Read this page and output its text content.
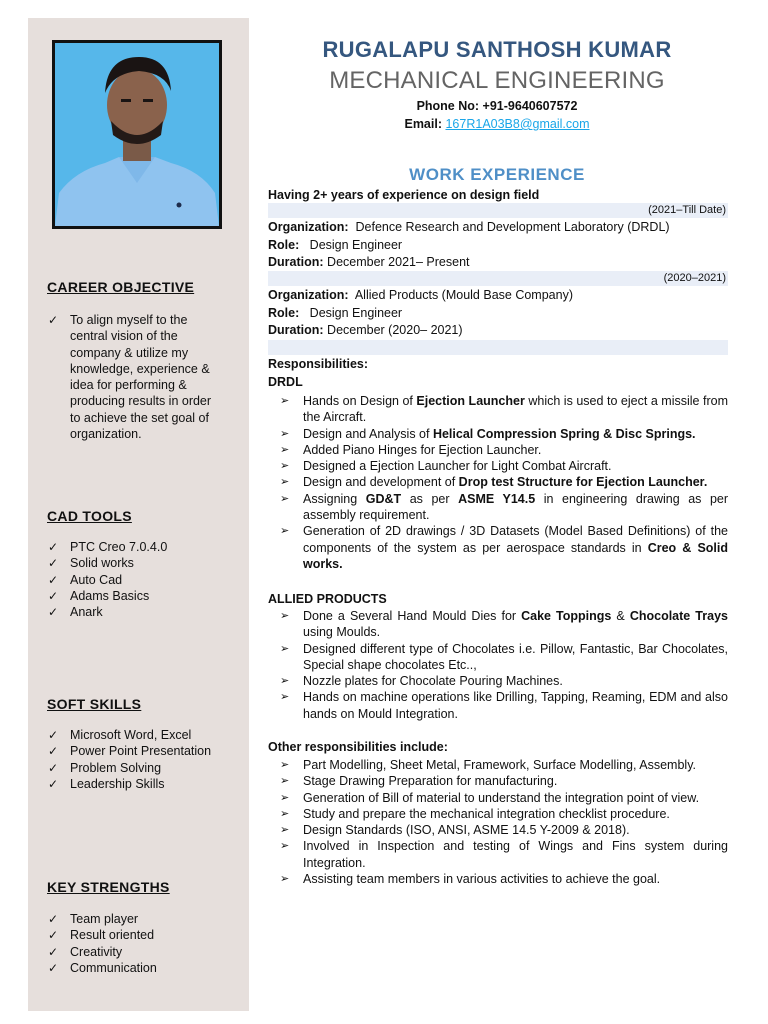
CAREER OBJECTIVE
✓ To align myself to the
central vision of the
company & utilize my
knowledge, experience &
idea for performing &
producing results in order
to achieve the set goal of
organization.
CAD TOOLS
✓ PTC Creo 7.0.4.0
✓ Solid works
✓ Auto Cad
✓ Adams Basics
✓ Anark
SOFT SKILLS
✓ Microsoft Word, Excel
✓ Power Point Presentation
✓ Problem Solving
✓ Leadership Skills
KEY STRENGTHS
✓ Team player
✓ Result oriented
✓ Creativity
✓ Communication
RUGALAPU SANTHOSH KUMAR
MECHANICAL ENGINEERING
Phone No: +91-9640607572
Email: 167R1A03B8@gmail.com
WORK EXPERIENCE
Having 2+ years of experience on design field
(2021–Till Date)
Organization: Defence Research and Development Laboratory (DRDL)
Role: Design Engineer
Duration: December 2021– Present
(2020–2021)
Organization: Allied Products (Mould Base Company)
Role: Design Engineer
Duration: December (2020– 2021)
Responsibilities:
DRDL
➢ Hands on Design of Ejection Launcher which is used to eject a missile from the Aircraft.
➢ Design and Analysis of Helical Compression Spring & Disc Springs.
➢ Added Piano Hinges for Ejection Launcher.
➢ Designed a Ejection Launcher for Light Combat Aircraft.
➢ Design and development of Drop test Structure for Ejection Launcher.
➢ Assigning GD&T as per ASME Y14.5 in engineering drawing as per assembly requirement.
➢ Generation of 2D drawings / 3D Datasets (Model Based Definitions) of the components of the system as per aerospace standards in Creo & Solid works.
ALLIED PRODUCTS
➢ Done a Several Hand Mould Dies for Cake Toppings & Chocolate Trays using Moulds.
➢ Designed different type of Chocolates i.e. Pillow, Fantastic, Bar Chocolates, Special shape chocolates Etc..,
➢ Nozzle plates for Chocolate Pouring Machines.
➢ Hands on machine operations like Drilling, Tapping, Reaming, EDM and also hands on Mould Integration.
Other responsibilities include:
➢ Part Modelling, Sheet Metal, Framework, Surface Modelling, Assembly.
➢ Stage Drawing Preparation for manufacturing.
➢ Generation of Bill of material to understand the integration point of view.
➢ Study and prepare the mechanical integration checklist procedure.
➢ Design Standards (ISO, ANSI, ASME 14.5 Y-2009 & 2018).
➢ Involved in Inspection and testing of Wings and Fins system during Integration.
➢ Assisting team members in various activities to achieve the goal.
